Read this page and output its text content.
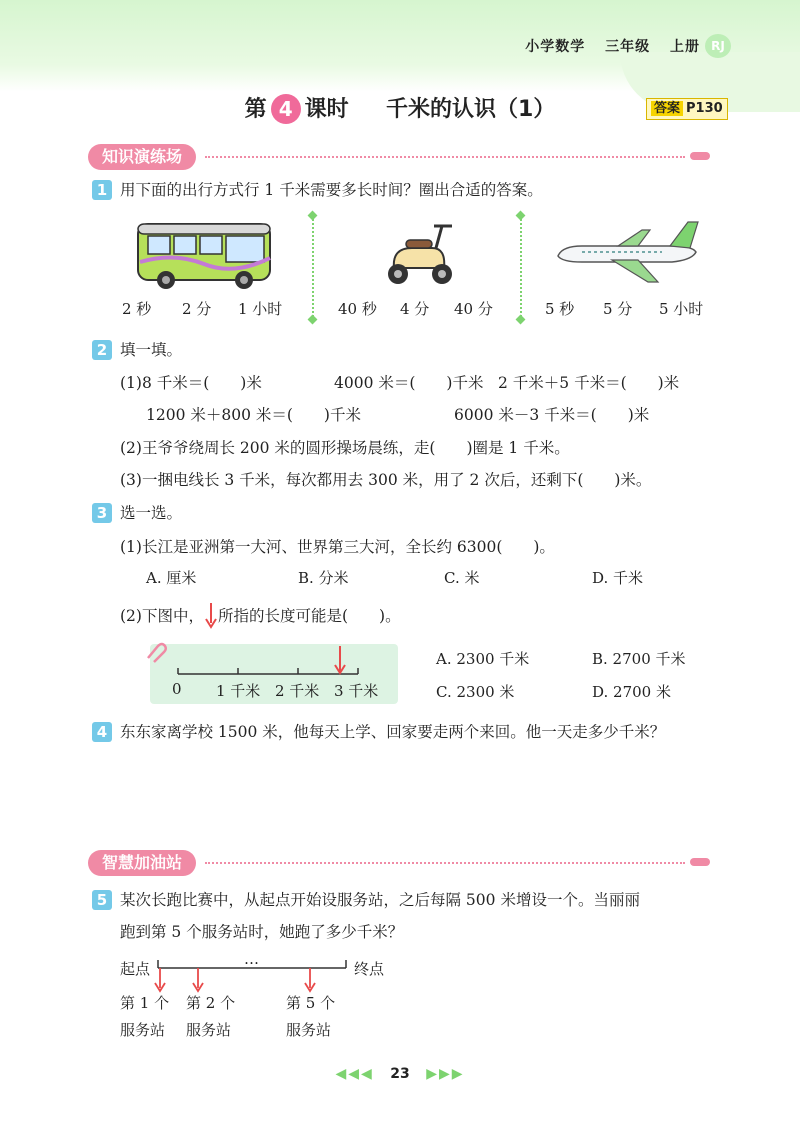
小学数学 三年级 上册 RJ
第 4 课时 千米的认识（1）	答案 P130
知识演练场
1 用下面的出行方式行 1 千米需要多长时间？圈出合适的答案。
2 秒 2 分 1 小时	40 秒 4 分 40 分	5 秒 5 分 5 小时
2 填一填。
(1)8 千米＝(　　)米	4000 米＝(　　)千米 2 千米＋5 千米＝(　　)米
1200 米＋800 米＝(　　)千米	6000 米－3 千米＝(　　)米
(2)王爷爷绕周长 200 米的圆形操场晨练，走(　　)圈是 1 千米。
(3)一捆电线长 3 千米，每次都用去 300 米，用了 2 次后，还剩下(　　)米。
3 选一选。
(1)长江是亚洲第一大河、世界第三大河，全长约 6300(　　)。
A. 厘米	B. 分米	C. 米	D. 千米
(2)下图中， 所指的长度可能是(　　)。
0 1 千米 2 千米 3 千米
A. 2300 千米	B. 2700 千米
C. 2300 米	D. 2700 米
4 东东家离学校 1500 米，他每天上学、回家要走两个来回。他一天走多少千米？
智慧加油站
5 某次长跑比赛中，从起点开始设服务站，之后每隔 500 米增设一个。当丽丽
跑到第 5 个服务站时，她跑了多少千米？
起点	终点
…
第 1 个
服务站
第 2 个
服务站
第 5 个
服务站
◀◀◀ 23 ▶▶▶
